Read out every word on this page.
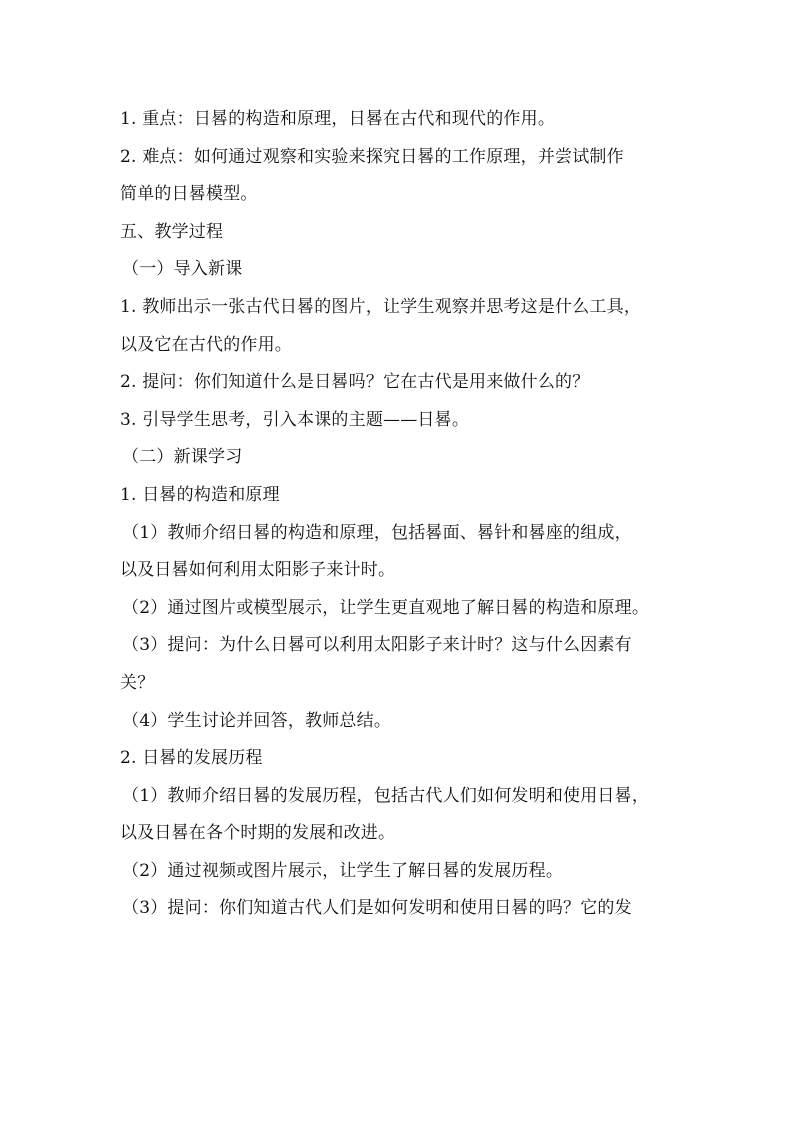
1. 重点：日晷的构造和原理，日晷在古代和现代的作用。
2. 难点：如何通过观察和实验来探究日晷的工作原理，并尝试制作
简单的日晷模型。
五、教学过程
（一）导入新课
1. 教师出示一张古代日晷的图片，让学生观察并思考这是什么工具，
以及它在古代的作用。
2. 提问：你们知道什么是日晷吗？它在古代是用来做什么的？
3. 引导学生思考，引入本课的主题——日晷。
（二）新课学习
1. 日晷的构造和原理
（1）教师介绍日晷的构造和原理，包括晷面、晷针和晷座的组成，
以及日晷如何利用太阳影子来计时。
（2）通过图片或模型展示，让学生更直观地了解日晷的构造和原理。
（3）提问：为什么日晷可以利用太阳影子来计时？这与什么因素有
关？
（4）学生讨论并回答，教师总结。
2. 日晷的发展历程
（1）教师介绍日晷的发展历程，包括古代人们如何发明和使用日晷，
以及日晷在各个时期的发展和改进。
（2）通过视频或图片展示，让学生了解日晷的发展历程。
（3）提问：你们知道古代人们是如何发明和使用日晷的吗？它的发
